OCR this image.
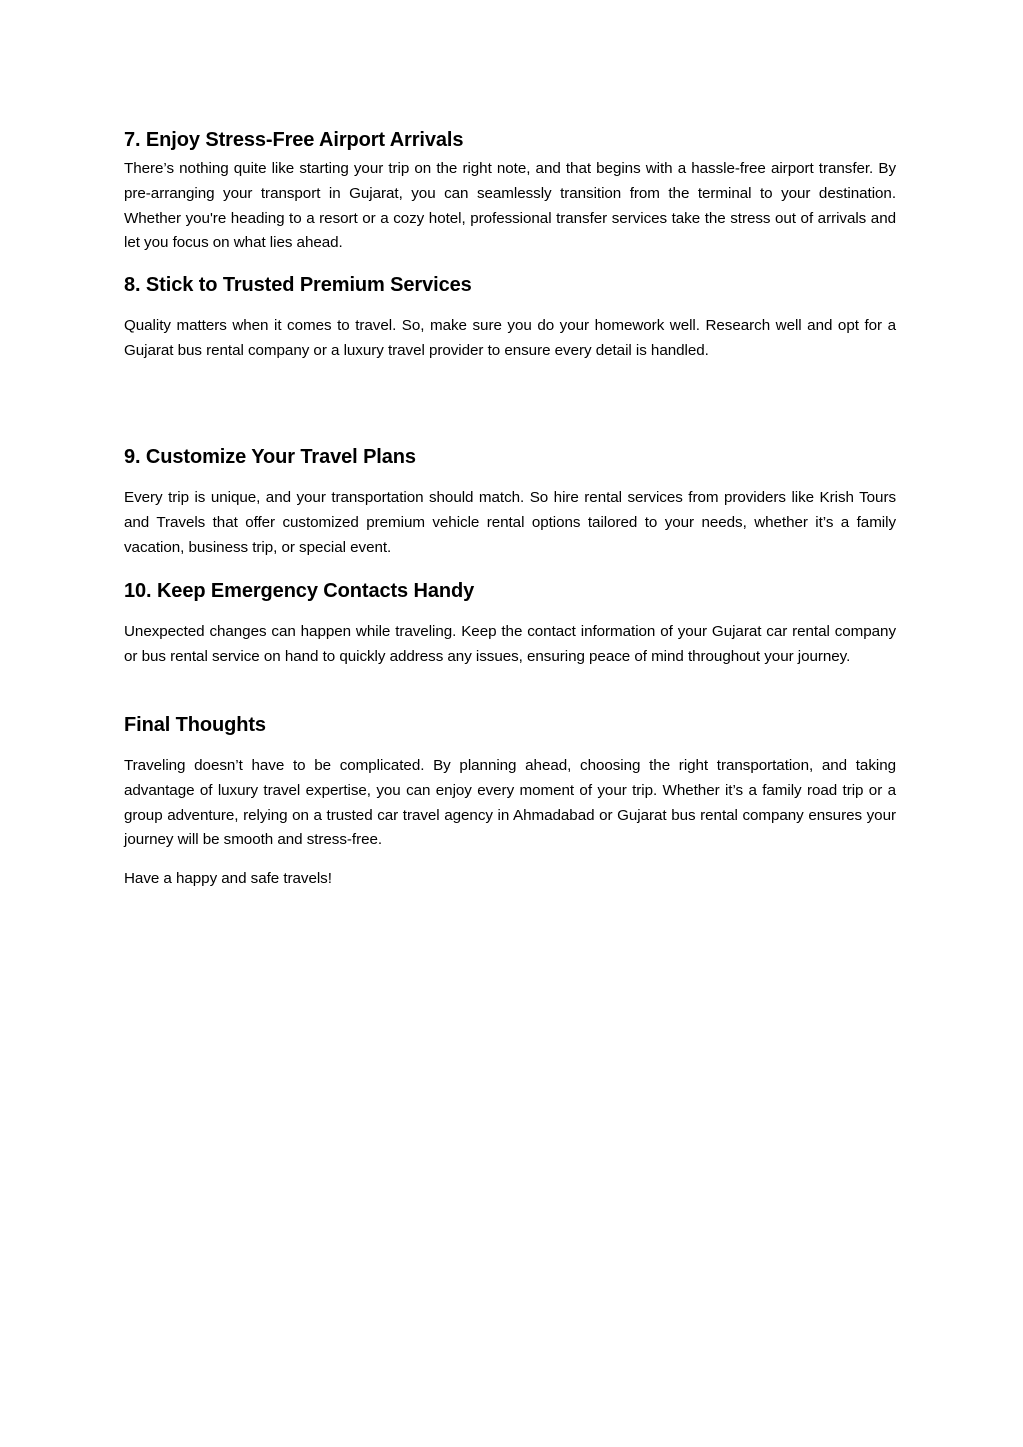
7. Enjoy Stress-Free Airport Arrivals

There’s nothing quite like starting your trip on the right note, and that begins with a hassle-free airport transfer. By pre-arranging your transport in Gujarat, you can seamlessly transition from the terminal to your destination. Whether you're heading to a resort or a cozy hotel, professional transfer services take the stress out of arrivals and let you focus on what lies ahead.

8. Stick to Trusted Premium Services

Quality matters when it comes to travel. So, make sure you do your homework well. Research well and opt for a Gujarat bus rental company or a luxury travel provider to ensure every detail is handled.

9. Customize Your Travel Plans

Every trip is unique, and your transportation should match. So hire rental services from providers like Krish Tours and Travels that offer customized premium vehicle rental options tailored to your needs, whether it’s a family vacation, business trip, or special event.

10. Keep Emergency Contacts Handy

Unexpected changes can happen while traveling. Keep the contact information of your Gujarat car rental company or bus rental service on hand to quickly address any issues, ensuring peace of mind throughout your journey.

Final Thoughts

Traveling doesn’t have to be complicated. By planning ahead, choosing the right transportation, and taking advantage of luxury travel expertise, you can enjoy every moment of your trip. Whether it’s a family road trip or a group adventure, relying on a trusted car travel agency in Ahmadabad or Gujarat bus rental company ensures your journey will be smooth and stress-free.

Have a happy and safe travels!
